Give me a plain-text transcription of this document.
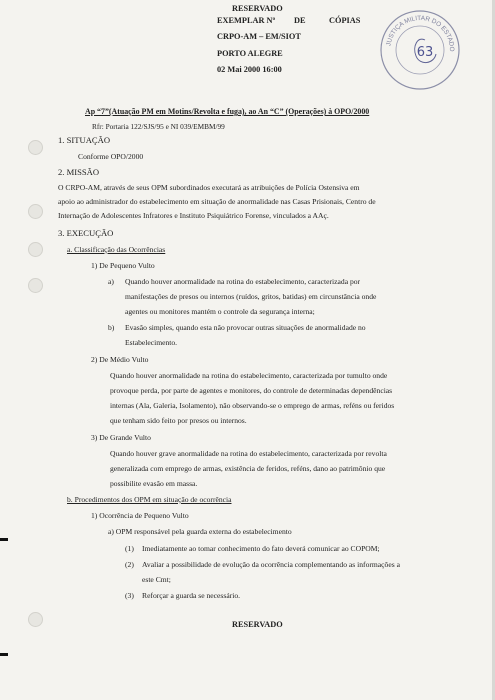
RESERVADO
EXEMPLAR Nº DE	CÓPIAS
CRPO-AM – EM/SIOT
PORTO ALEGRE
02 Mai 2000 16:00
JUSTIÇA MILITAR DO ESTADO
63
Ap “7”(Atuação PM em Motins/Revolta e fuga), ao An “C” (Operações) à OPO/2000
Rfr: Portaria 122/SJS/95 e NI 039/EMBM/99
1. SITUAÇÃO
Conforme OPO/2000
2. MISSÃO
O CRPO-AM, através de seus OPM subordinados executará as atribuições de Polícia Ostensiva em
apoio ao administrador do estabelecimento em situação de anormalidade nas Casas Prisionais, Centro de
Internação de Adolescentes Infratores e Instituto Psiquiátrico Forense, vinculados a AAç.
3. EXECUÇÃO
a. Classificação das Ocorrências
1) De Pequeno Vulto
a) Quando houver anormalidade na rotina do estabelecimento, caracterizada por
manifestações de presos ou internos (ruídos, gritos, batidas) em circunstância onde
agentes ou monitores mantém o controle da segurança interna;
b) Evasão simples, quando esta não provocar outras situações de anormalidade no
Estabelecimento.
2) De Médio Vulto
Quando houver anormalidade na rotina do estabelecimento, caracterizada por tumulto onde
provoque perda, por parte de agentes e monitores, do controle de determinadas dependências
internas (Ala, Galeria, Isolamento), não observando-se o emprego de armas, reféns ou feridos
que tenham sido feito por presos ou internos.
3) De Grande Vulto
Quando houver grave anormalidade na rotina do estabelecimento, caracterizada por revolta
generalizada com emprego de armas, existência de feridos, reféns, dano ao patrimônio que
possibilite evasão em massa.
b. Procedimentos dos OPM em situação de ocorrência
1) Ocorrência de Pequeno Vulto
a) OPM responsável pela guarda externa do estabelecimento
(1) Imediatamente ao tomar conhecimento do fato deverá comunicar ao COPOM;
(2) Avaliar a possibilidade de evolução da ocorrência complementando as informações a
este Cmt;
(3) Reforçar a guarda se necessário.
RESERVADO
